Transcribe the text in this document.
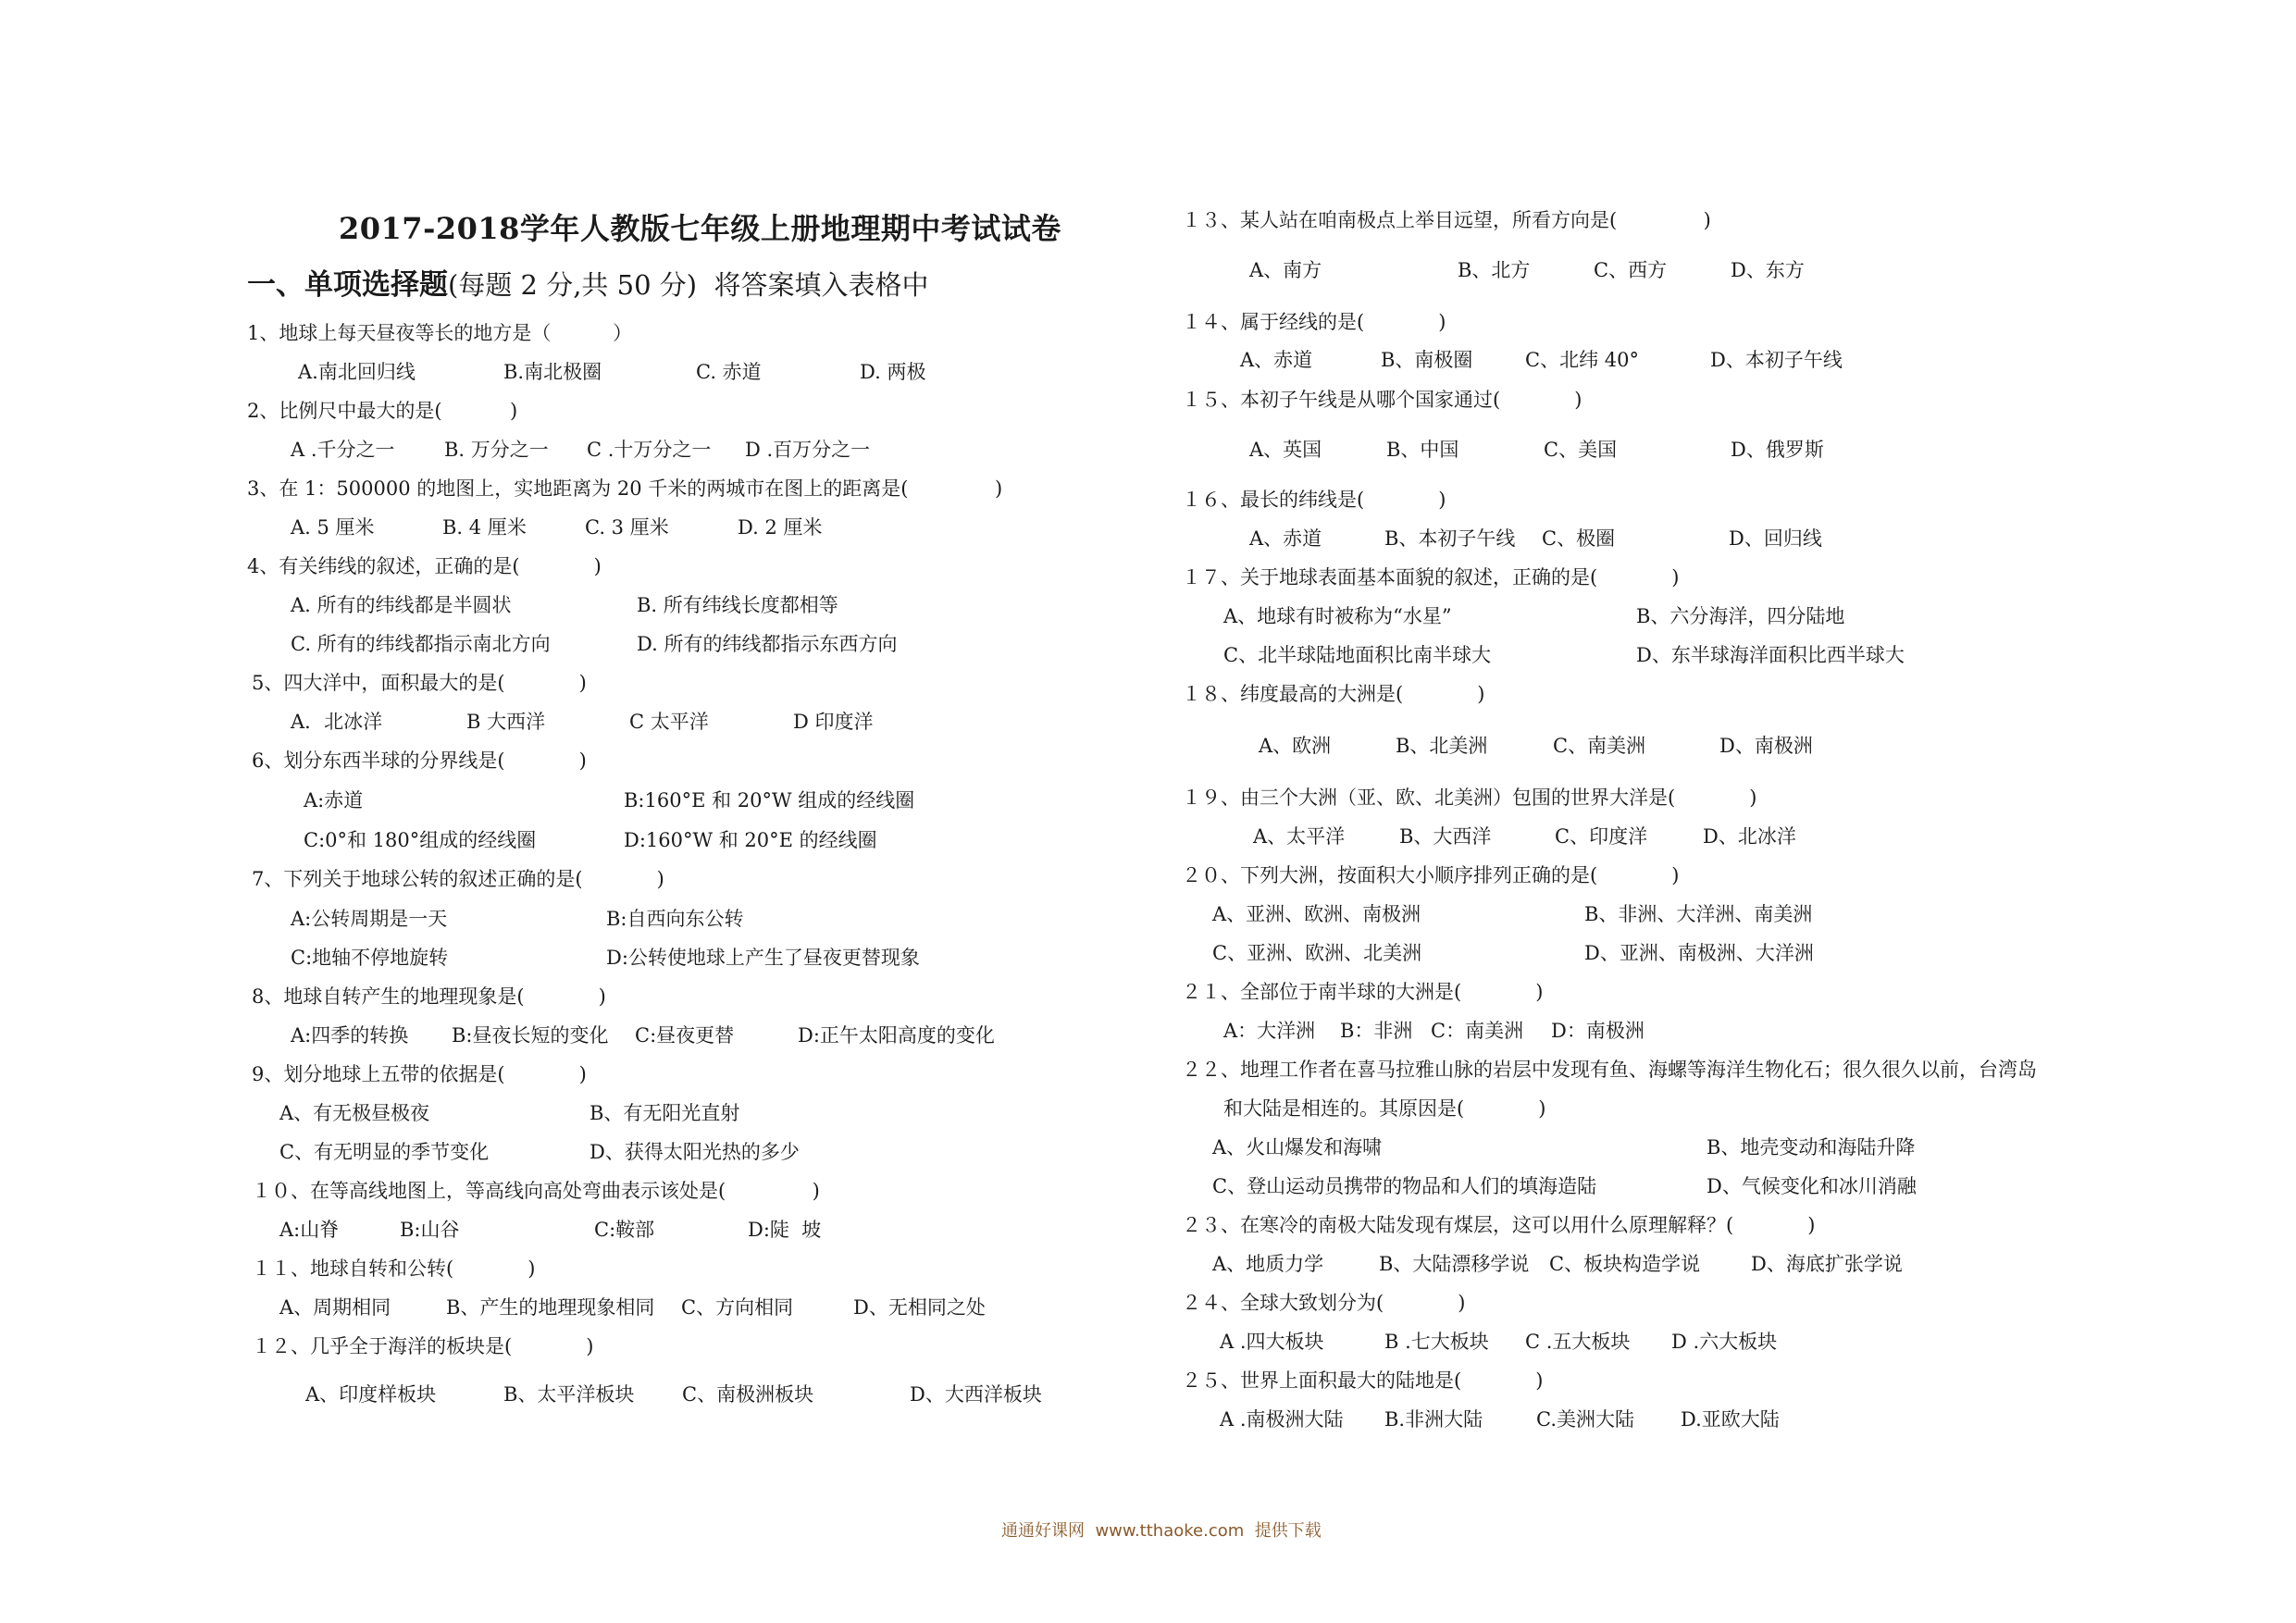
2017-2018学年人教版七年级上册地理期中考试试卷
一、单项选择题(每题 2 分,共 50 分)  将答案填入表格中
1、地球上每天昼夜等长的地方是（          ）
A.南北回归线	B.南北极圈	C. 赤道	D. 两极
2、比例尺中最大的是(           )
A .千分之一	B. 万分之一 C .十万分之一 D .百万分之一
3、在 1：500000 的地图上，实地距离为 20 千米的两城市在图上的距离是(              )
A. 5 厘米	B. 4 厘米	C. 3 厘米	D. 2 厘米
4、有关纬线的叙述，正确的是(            )
A. 所有的纬线都是半圆状	B. 所有纬线长度都相等
C. 所有的纬线都指示南北方向	D. 所有的纬线都指示东西方向
5、四大洋中，面积最大的是(            )
A．北冰洋	B 大西洋	C 太平洋	D 印度洋
6、划分东西半球的分界线是(            )
A:赤道	B:160°E 和 20°W 组成的经线圈
C:0°和 180°组成的经线圈	D:160°W 和 20°E 的经线圈
7、下列关于地球公转的叙述正确的是(            )
A:公转周期是一天	B:自西向东公转
C:地轴不停地旋转	D:公转使地球上产生了昼夜更替现象
8、地球自转产生的地理现象是(            )
A:四季的转换 B:昼夜长短的变化 C:昼夜更替	D:正午太阳高度的变化
9、划分地球上五带的依据是(            )
A、有无极昼极夜	B、有无阳光直射
C、有无明显的季节变化	D、获得太阳光热的多少
１０、在等高线地图上，等高线向高处弯曲表示该处是(              )
A:山脊	B:山谷	C:鞍部	D:陡  坡
１１、地球自转和公转(            )
A、周期相同	B、产生的地理现象相同 C、方向相同	D、无相同之处
１２、几乎全于海洋的板块是(            )
A、印度样板块	B、太平洋板块 C、南极洲板块	D、大西洋板块
１３、某人站在咱南极点上举目远望，所看方向是(              )
A、南方	B、北方	C、西方	D、东方
１４、属于经线的是(            )
A、赤道	B、南极圈	C、北纬 40°	D、本初子午线
１５、本初子午线是从哪个国家通过(            )
A、英国	B、中国	C、美国	D、俄罗斯
１６、最长的纬线是(            )
A、赤道	B、本初子午线 C、极圈	D、回归线
１７、关于地球表面基本面貌的叙述，正确的是(            )
A、地球有时被称为“水星”	B、六分海洋，四分陆地
C、北半球陆地面积比南半球大	D、东半球海洋面积比西半球大
１８、纬度最高的大洲是(            )
A、欧洲	B、北美洲	C、南美洲	D、南极洲
１９、由三个大洲（亚、欧、北美洲）包围的世界大洋是(            )
A、太平洋	B、大西洋	C、印度洋	D、北冰洋
２０、下列大洲，按面积大小顺序排列正确的是(            )
A、亚洲、欧洲、南极洲	B、非洲、大洋洲、南美洲
C、亚洲、欧洲、北美洲	D、亚洲、南极洲、大洋洲
２１、全部位于南半球的大洲是(            )
A：大洋洲 B：非洲 C：南美洲 D：南极洲
２２、地理工作者在喜马拉雅山脉的岩层中发现有鱼、海螺等海洋生物化石；很久很久以前，台湾岛
和大陆是相连的。其原因是(            )
A、火山爆发和海啸	B、地壳变动和海陆升降
C、登山运动员携带的物品和人们的填海造陆	D、气候变化和冰川消融
２３、在寒冷的南极大陆发现有煤层，这可以用什么原理解释？(            )
A、地质力学	B、大陆漂移学说 C、板块构造学说	D、海底扩张学说
２４、全球大致划分为(            )
A .四大板块	B .七大板块 C .五大板块 D .六大板块
２５、世界上面积最大的陆地是(            )
A .南极洲大陆 B.非洲大陆	C.美洲大陆 D.亚欧大陆
通通好课网  www.tthaoke.com  提供下载
